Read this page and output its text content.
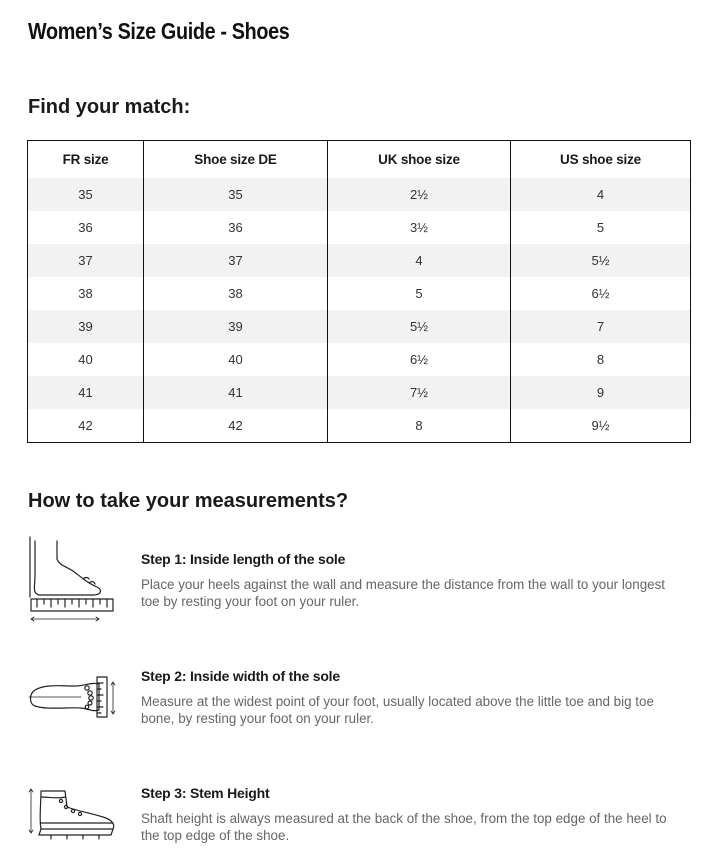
Women’s Size Guide - Shoes
Find your match:
FR size	Shoe size DE	UK shoe size	US shoe size
35	35	2½	4
36	36	3½	5
37	37	4	5½
38	38	5	6½
39	39	5½	7
40	40	6½	8
41	41	7½	9
42	42	8	9½
How to take your measurements?
Step 1: Inside length of the sole

Place your heels against the wall and measure the distance from the wall to your longest toe by resting your foot on your ruler.

Step 2: Inside width of the sole

Measure at the widest point of your foot, usually located above the little toe and big toe bone, by resting your foot on your ruler.

Step 3: Stem Height

Shaft height is always measured at the back of the shoe, from the top edge of the heel to the top edge of the shoe.
